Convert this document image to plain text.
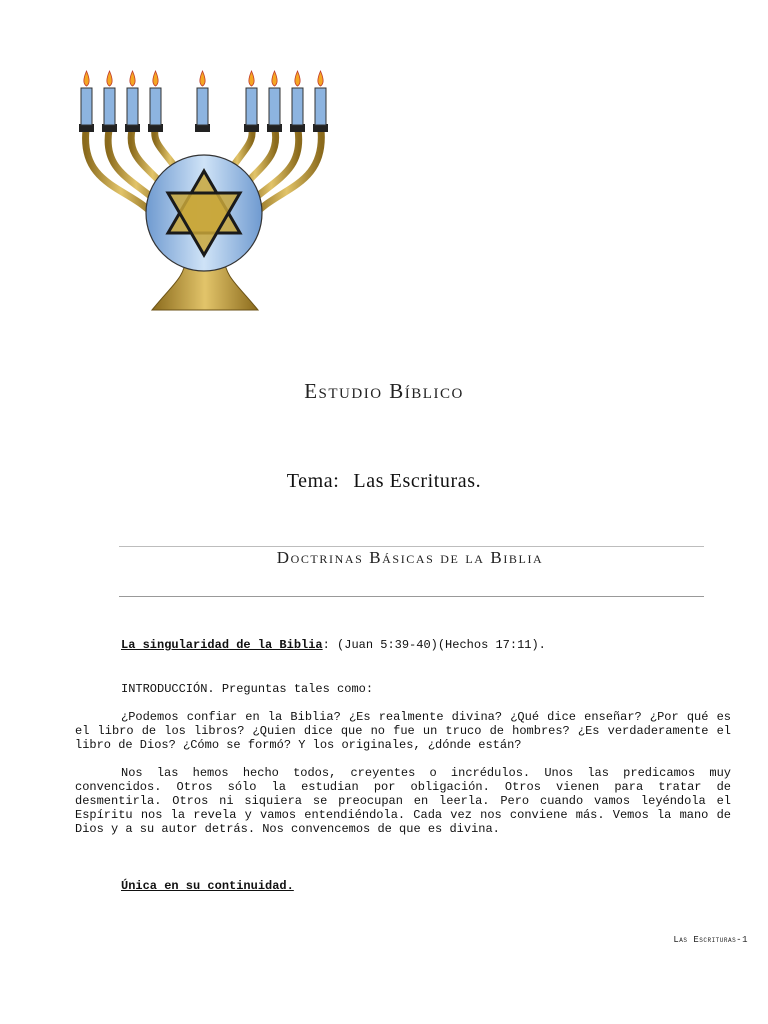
Estudio Bíblico
Tema: Las Escrituras.
Doctrinas Básicas de la Biblia
La singularidad de la Biblia: (Juan 5:39-40)(Hechos 17:11).
INTRODUCCIÓN. Preguntas tales como:
¿Podemos confiar en la Biblia? ¿Es realmente divina? ¿Qué dice enseñar? ¿Por qué es el libro de los libros? ¿Quien dice que no fue un truco de hombres? ¿Es verdaderamente el libro de Dios? ¿Cómo se formó? Y los originales, ¿dónde están?
Nos las hemos hecho todos, creyentes o incrédulos. Unos las predicamos muy convencidos. Otros sólo la estudian por obligación. Otros vienen para tratar de desmentirla. Otros ni siquiera se preocupan en leerla. Pero cuando vamos leyéndola el Espíritu nos la revela y vamos entendiéndola. Cada vez nos conviene más. Vemos la mano de Dios y a su autor detrás. Nos convencemos de que es divina.
Única en su continuidad.
Las Escrituras-1
